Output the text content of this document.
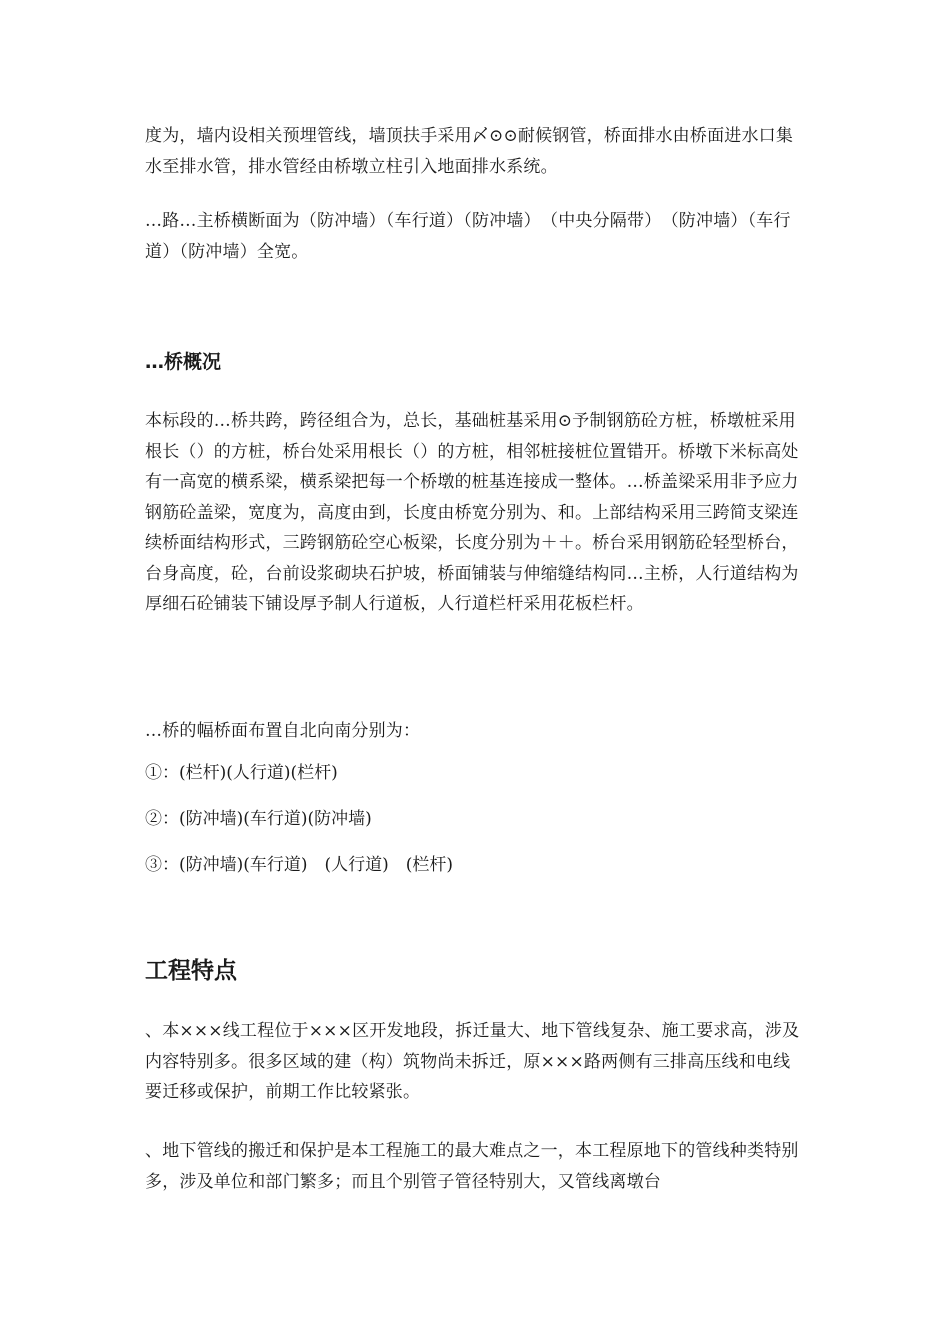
度为，墙内设相关预埋管线，墙顶扶手采用〆⊙⊙耐候钢管，桥面排水由桥面进水口集水至排水管，排水管经由桥墩立柱引入地面排水系统。

…路…主桥横断面为（防冲墙）（车行道）（防冲墙）　（中央分隔带）　（防冲墙）（车行道）（防冲墙）全宽。

…桥概况

本标段的…桥共跨，跨径组合为，总长，基础桩基采用⊙予制钢筋砼方桩，桥墩桩采用根长（）的方桩，桥台处采用根长（）的方桩，相邻桩接桩位置错开。桥墩下米标高处有一高宽的横系梁，横系梁把每一个桥墩的桩基连接成一整体。…桥盖梁采用非予应力钢筋砼盖梁，宽度为，高度由到，长度由桥宽分别为、和。上部结构采用三跨简支梁连续桥面结构形式，三跨钢筋砼空心板梁，长度分别为＋＋。桥台采用钢筋砼轻型桥台，台身高度，砼，台前设浆砌块石护坡，桥面铺装与伸缩缝结构同…主桥，人行道结构为厚细石砼铺装下铺设厚予制人行道板，人行道栏杆采用花板栏杆。

…桥的幅桥面布置自北向南分别为：

①：(栏杆)(人行道)(栏杆)
②：(防冲墙)(车行道)(防冲墙)
③：(防冲墙)(车行道)　(人行道)　(栏杆)
工程特点

、本×××线工程位于×××区开发地段，拆迁量大、地下管线复杂、施工要求高，涉及内容特别多。很多区域的建（构）筑物尚未拆迁，原×××路两侧有三排高压线和电线要迁移或保护，前期工作比较紧张。

、地下管线的搬迁和保护是本工程施工的最大难点之一，本工程原地下的管线种类特别多，涉及单位和部门繁多；而且个别管子管径特别大，又管线离墩台
